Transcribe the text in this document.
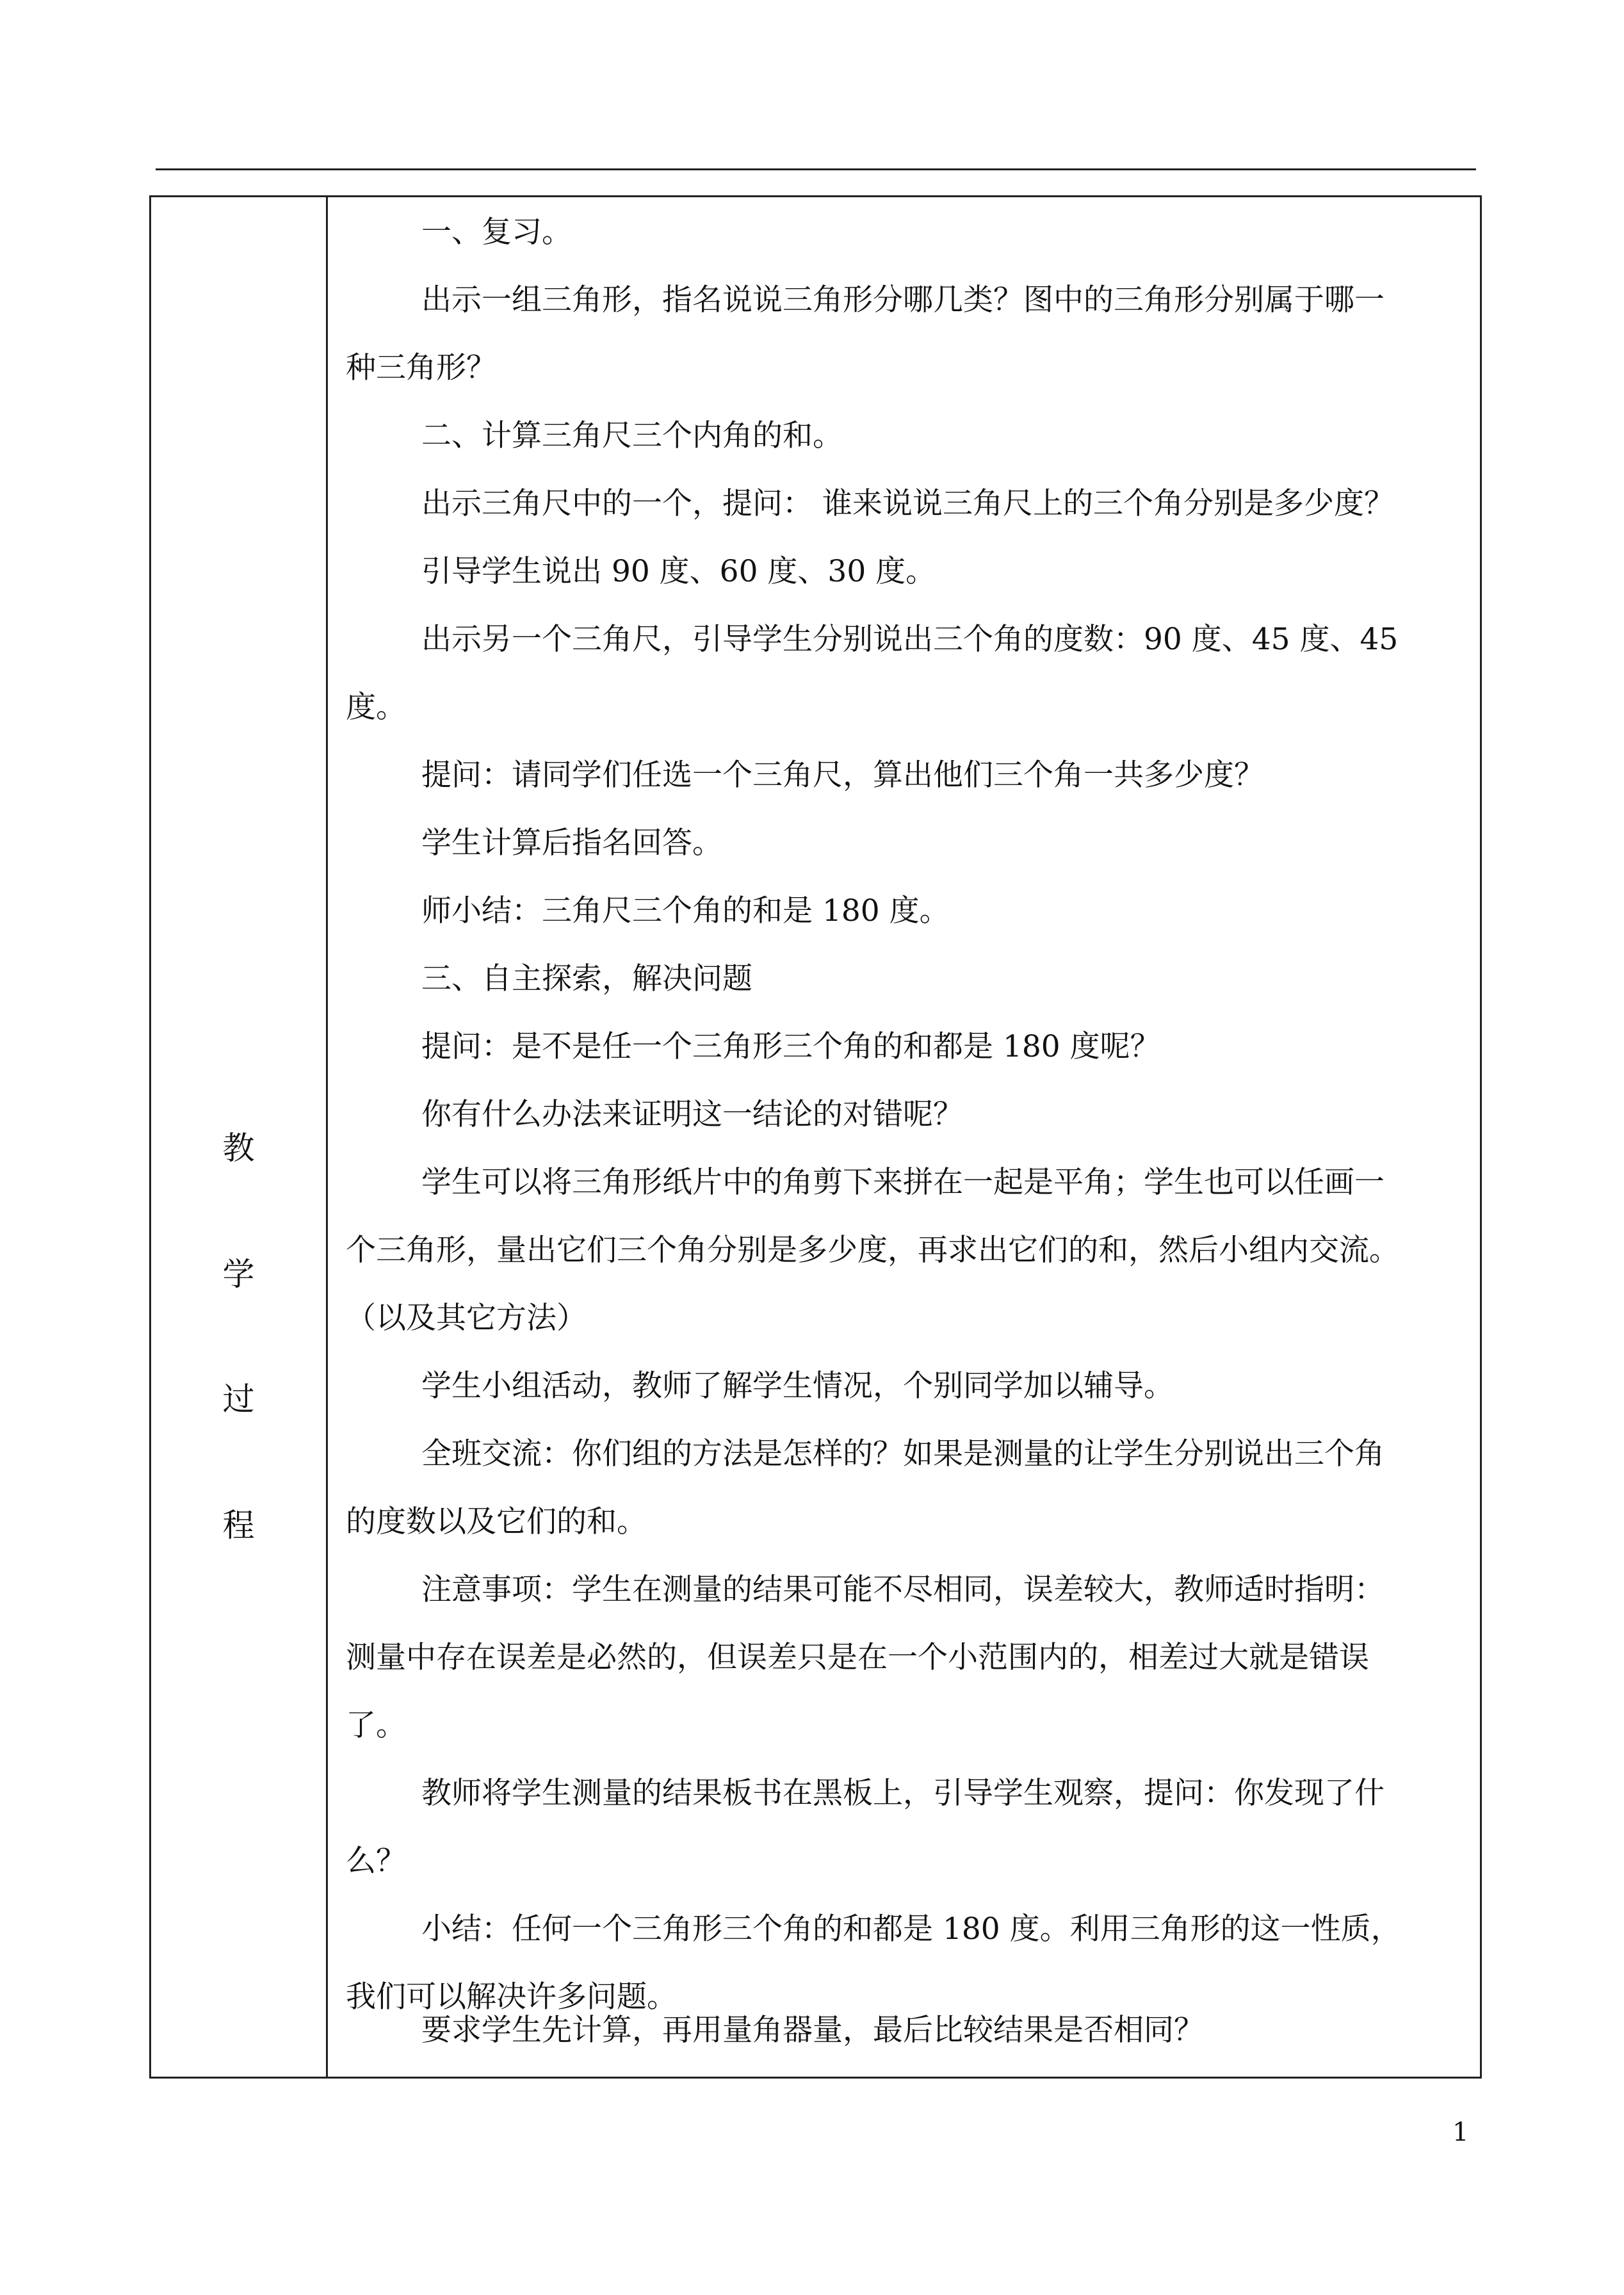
教
学
过
程
一、复习。
出示一组三角形，指名说说三角形分哪几类？图中的三角形分别属于哪一
种三角形？
二、计算三角尺三个内角的和。
出示三角尺中的一个，提问： 谁来说说三角尺上的三个角分别是多少度？
引导学生说出 90 度、60 度、30 度。
出示另一个三角尺，引导学生分别说出三个角的度数：90 度、45 度、45
度。
提问：请同学们任选一个三角尺，算出他们三个角一共多少度？
学生计算后指名回答。
师小结：三角尺三个角的和是 180 度。
三、自主探索，解决问题
提问：是不是任一个三角形三个角的和都是 180 度呢？
你有什么办法来证明这一结论的对错呢？
学生可以将三角形纸片中的角剪下来拼在一起是平角；学生也可以任画一
个三角形，量出它们三个角分别是多少度，再求出它们的和，然后小组内交流。
（以及其它方法）
学生小组活动，教师了解学生情况，个别同学加以辅导。
全班交流：你们组的方法是怎样的？如果是测量的让学生分别说出三个角
的度数以及它们的和。
注意事项：学生在测量的结果可能不尽相同，误差较大，教师适时指明：
测量中存在误差是必然的，但误差只是在一个小范围内的，相差过大就是错误
了。
教师将学生测量的结果板书在黑板上，引导学生观察，提问：你发现了什
么？
小结：任何一个三角形三个角的和都是 180 度。利用三角形的这一性质，
我们可以解决许多问题。
要求学生先计算，再用量角器量，最后比较结果是否相同？
1
